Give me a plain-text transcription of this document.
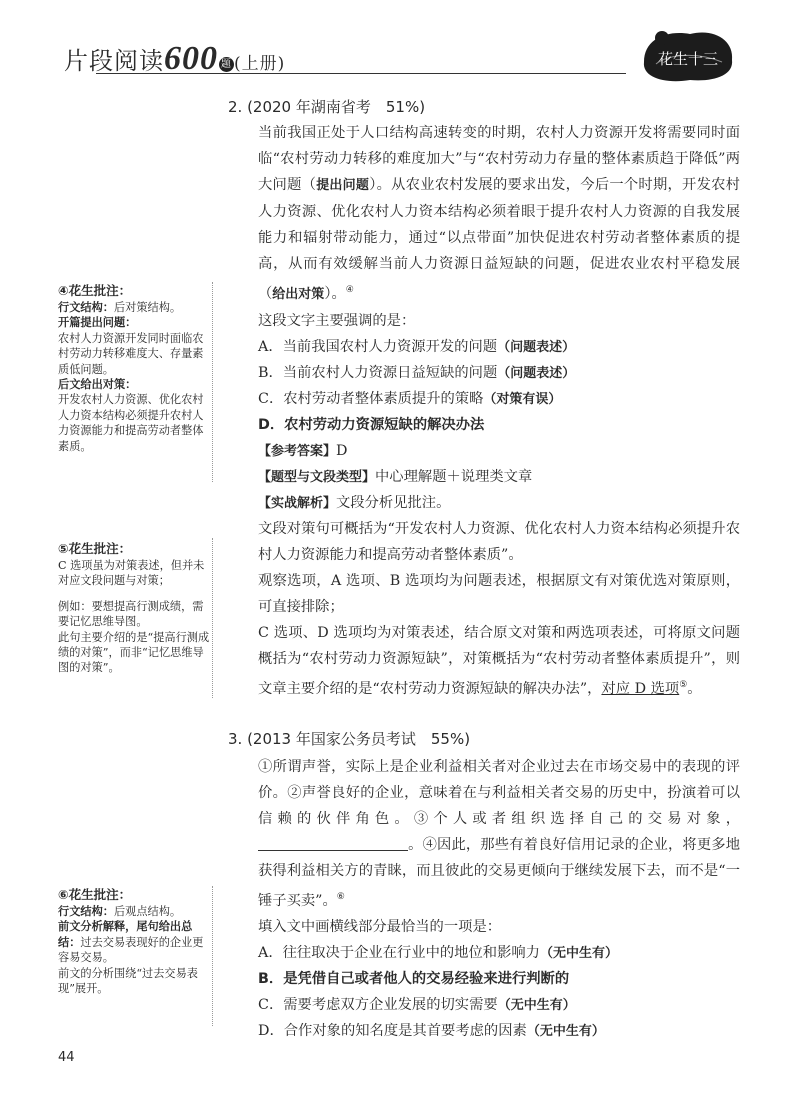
片段阅读600 题 (上册)	花生十三
④花生批注：
行文结构：后对策结构。
开篇提出问题：
农村人力资源开发同时面临农村劳动力转移难度大、存量素质低问题。
后文给出对策：
开发农村人力资源、优化农村人力资本结构必须提升农村人力资源能力和提高劳动者整体素质。
⑤花生批注：
C 选项虽为对策表述，但并未对应文段问题与对策；
例如：要想提高行测成绩，需要记忆思维导图。
此句主要介绍的是“提高行测成绩的对策”，而非“记忆思维导图的对策”。
⑥花生批注：
行文结构：后观点结构。
前文分析解释，尾句给出总结：过去交易表现好的企业更容易交易。
前文的分析围绕“过去交易表现”展开。
2. (2020 年湖南省考　51%)
当前我国正处于人口结构高速转变的时期，农村人力资源开发将需要同时面临“农村劳动力转移的难度加大”与“农村劳动力存量的整体素质趋于降低”两大问题（提出问题）。从农业农村发展的要求出发，今后一个时期，开发农村人力资源、优化农村人力资本结构必须着眼于提升农村人力资源的自我发展能力和辐射带动能力，通过“以点带面”加快促进农村劳动者整体素质的提高，从而有效缓解当前人力资源日益短缺的问题，促进农业农村平稳发展（给出对策）。④
这段文字主要强调的是：
A．当前我国农村人力资源开发的问题（问题表述）
B．当前农村人力资源日益短缺的问题（问题表述）
C．农村劳动者整体素质提升的策略（对策有误）
D．农村劳动力资源短缺的解决办法
【参考答案】D
【题型与文段类型】中心理解题＋说理类文章
【实战解析】文段分析见批注。
文段对策句可概括为“开发农村人力资源、优化农村人力资本结构必须提升农村人力资源能力和提高劳动者整体素质”。
观察选项，A 选项、B 选项均为问题表述，根据原文有对策优选对策原则，可直接排除；
C 选项、D 选项均为对策表述，结合原文对策和两选项表述，可将原文问题概括为“农村劳动力资源短缺”，对策概括为“农村劳动者整体素质提升”，则文章主要介绍的是“农村劳动力资源短缺的解决办法”，对应 D 选项⑤。
3. (2013 年国家公务员考试　55%)
①所谓声誉，实际上是企业利益相关者对企业过去在市场交易中的表现的评价。②声誉良好的企业，意味着在与利益相关者交易的历史中，扮演着可以信赖的伙伴角色。③个人或者组织选择自己的交易对象，。④因此，那些有着良好信用记录的企业，将更多地获得利益相关方的青睐，而且彼此的交易更倾向于继续发展下去，而不是“一锤子买卖”。⑥
填入文中画横线部分最恰当的一项是：
A．往往取决于企业在行业中的地位和影响力（无中生有）
B．是凭借自己或者他人的交易经验来进行判断的
C．需要考虑双方企业发展的切实需要（无中生有）
D．合作对象的知名度是其首要考虑的因素（无中生有）
44
